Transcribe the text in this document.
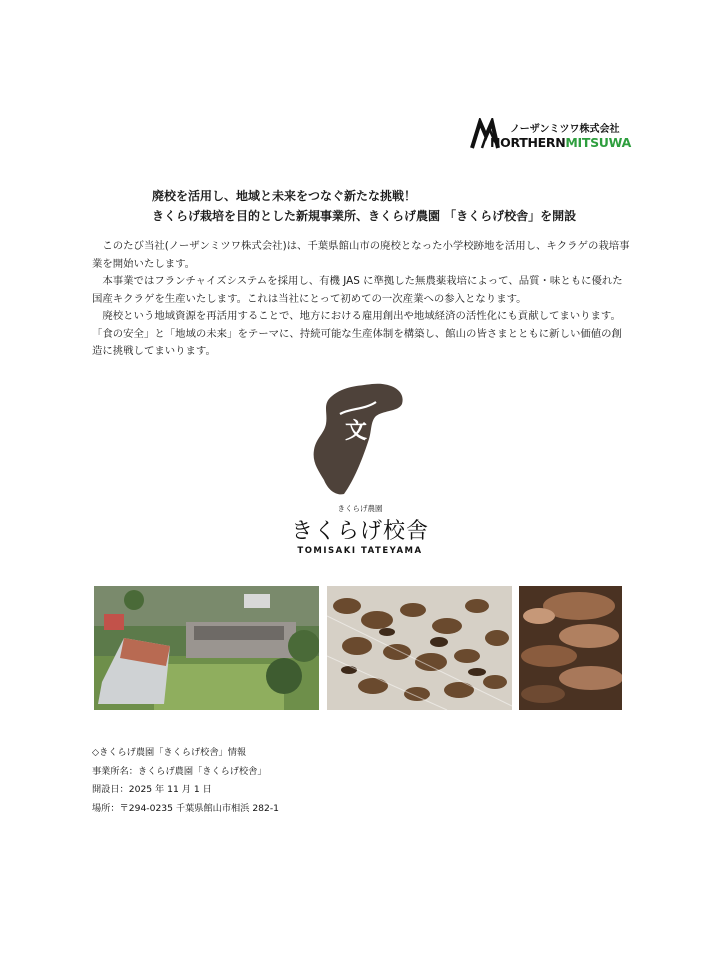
ノーザンミツワ株式会社
NORTHERNMITSUWA
廃校を活用し、地域と未来をつなぐ新たな挑戦！
きくらげ栽培を目的とした新規事業所、きくらげ農園 「きくらげ校舎」を開設

このたび当社(ノーザンミツワ株式会社)は、千葉県館山市の廃校となった小学校跡地を活用し、キクラゲの栽培事業を開始いたします。

本事業ではフランチャイズシステムを採用し、有機 JAS に準拠した無農薬栽培によって、品質・味ともに優れた国産キクラゲを生産いたします。これは当社にとって初めての一次産業への参入となります。

廃校という地域資源を再活用することで、地方における雇用創出や地域経済の活性化にも貢献してまいります。

「食の安全」と「地域の未来」をテーマに、持続可能な生産体制を構築し、館山の皆さまとともに新しい価値の創造に挑戦してまいります。

文
きくらげ農園
きくらげ校舎
TOMISAKI TATEYAMA
◇きくらげ農園「きくらげ校舎」情報
事業所名：きくらげ農園「きくらげ校舎」
開設日：2025 年 11 月 1 日
場所：〒294-0235 千葉県館山市相浜 282-1
